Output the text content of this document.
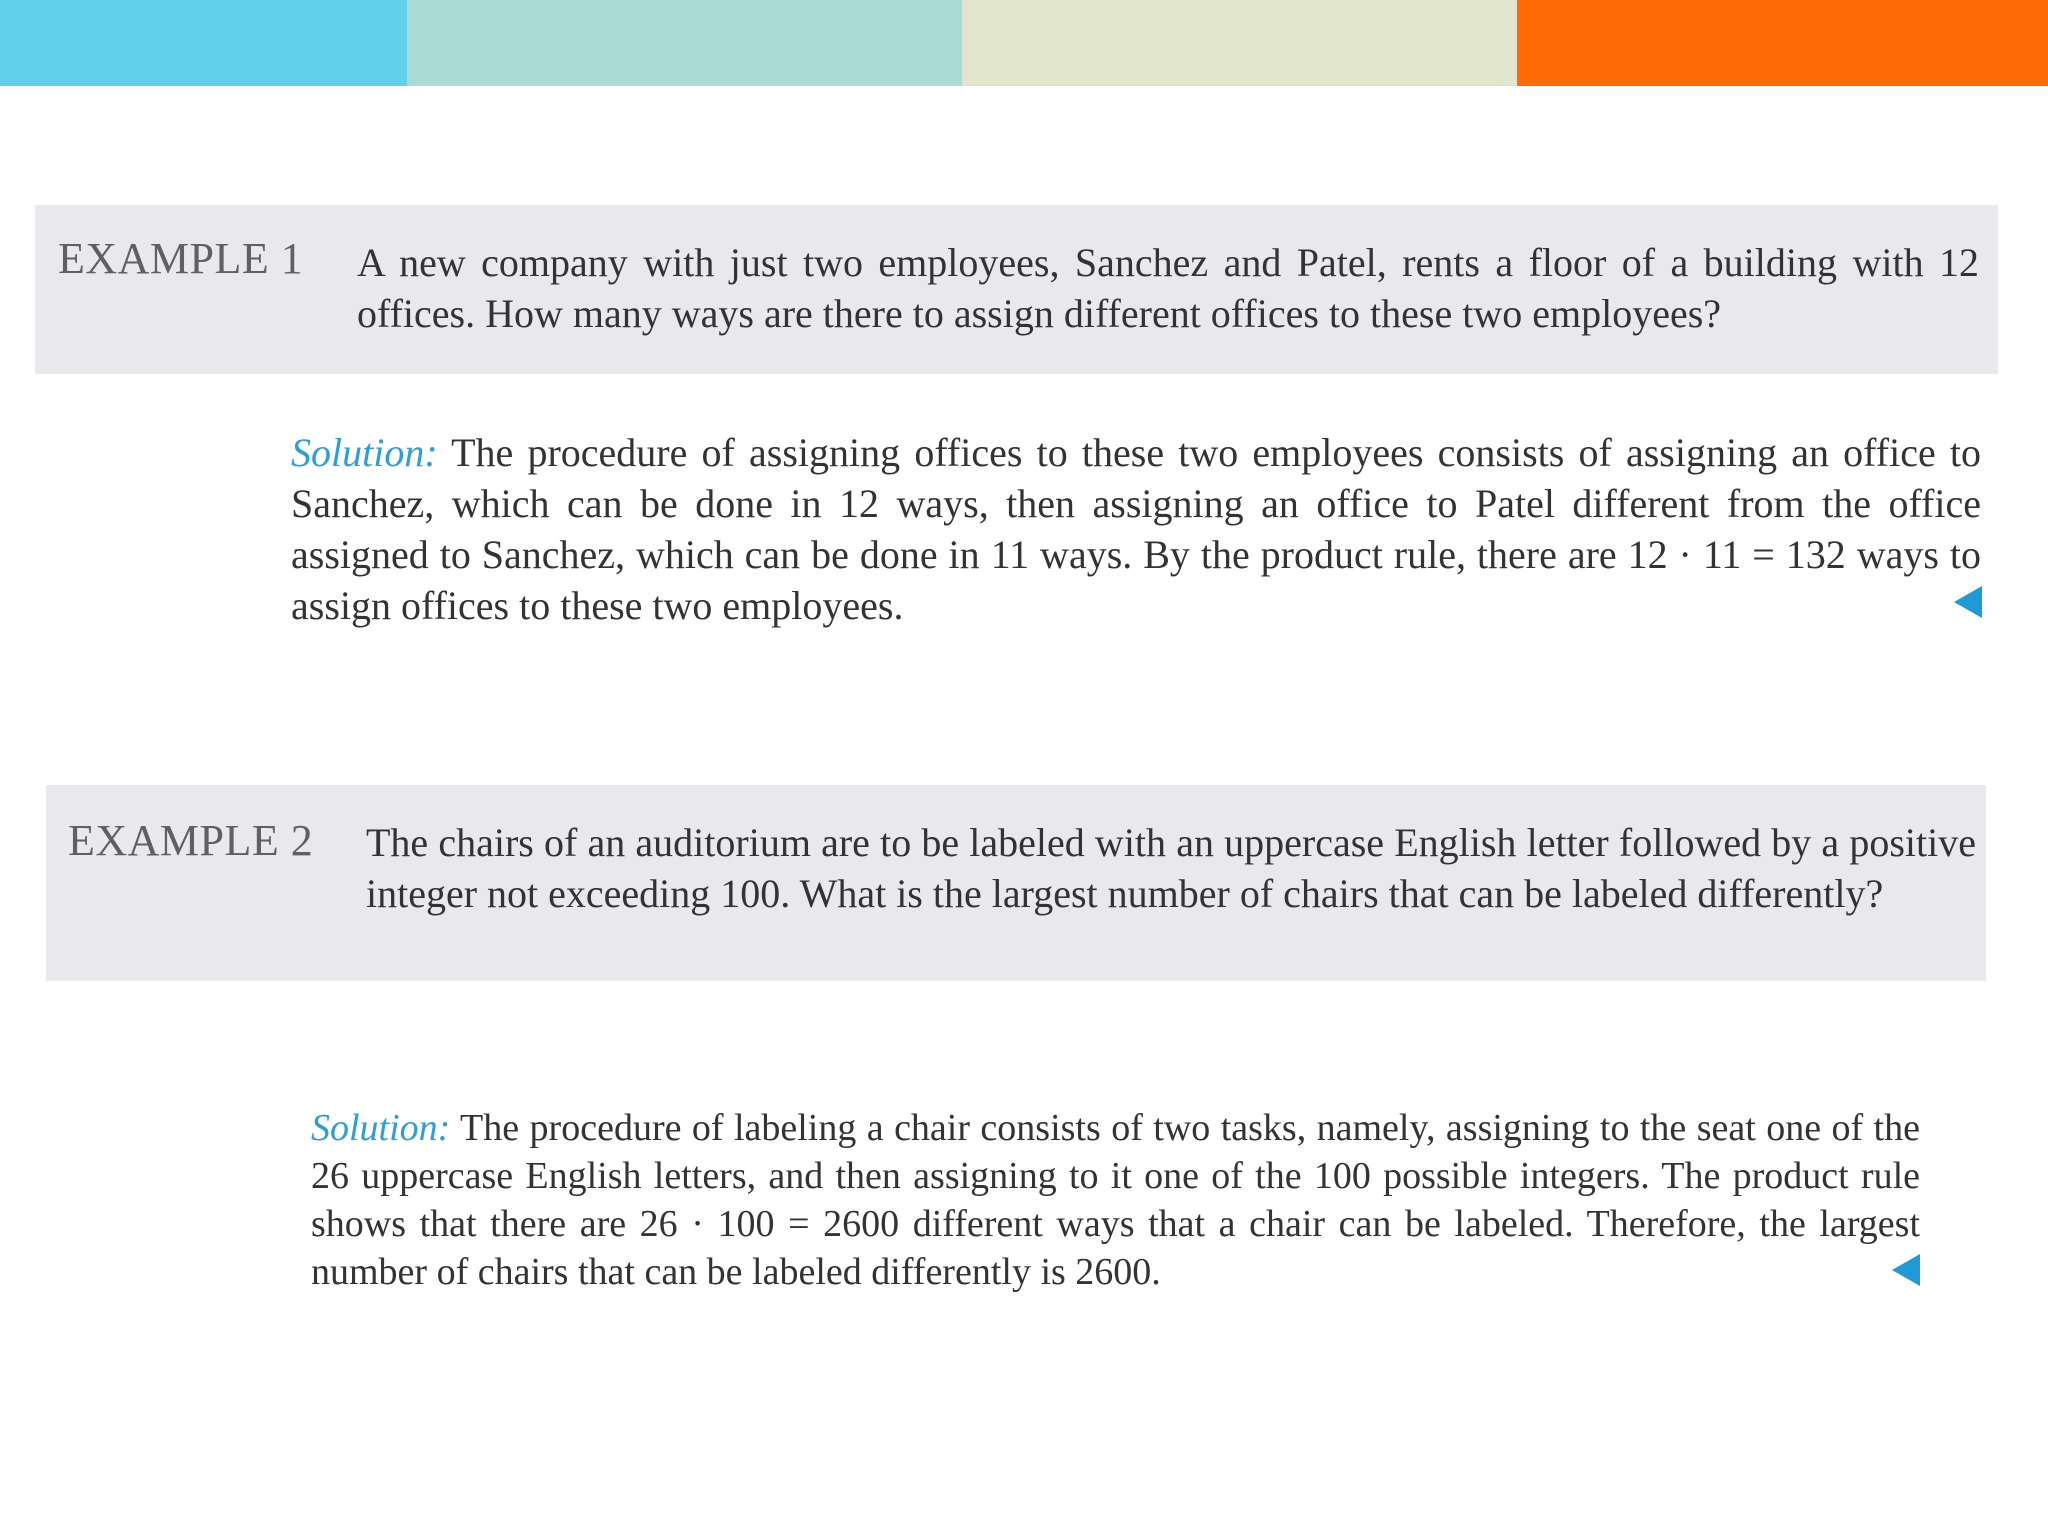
EXAMPLE 1 A new company with just two employees, Sanchez and Patel, rents a floor of a building with 12 offices. How many ways are there to assign different offices to these two employees?
Solution: The procedure of assigning offices to these two employees consists of assigning an office to Sanchez, which can be done in 12 ways, then assigning an office to Patel different from the office assigned to Sanchez, which can be done in 11 ways. By the product rule, there are 12 · 11 = 132 ways to assign offices to these two employees.
EXAMPLE 2 The chairs of an auditorium are to be labeled with an uppercase English letter followed by a positive integer not exceeding 100. What is the largest number of chairs that can be labeled differently?
Solution: The procedure of labeling a chair consists of two tasks, namely, assigning to the seat one of the 26 uppercase English letters, and then assigning to it one of the 100 possible integers. The product rule shows that there are 26 · 100 = 2600 different ways that a chair can be labeled. Therefore, the largest number of chairs that can be labeled differently is 2600.
